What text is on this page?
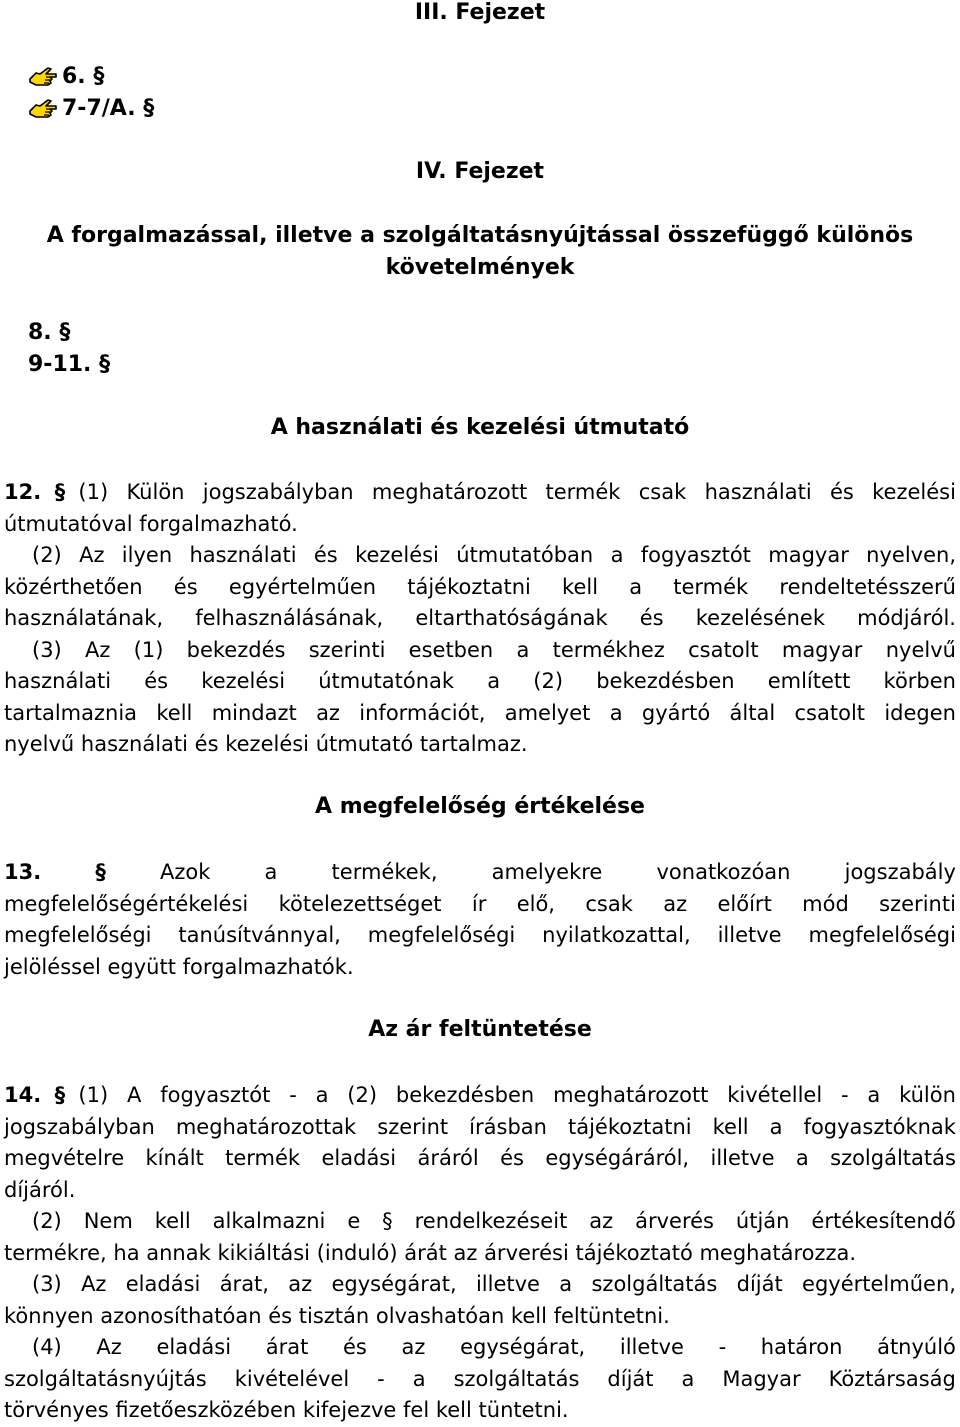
III. Fejezet
6. §
7-7/A. §
IV. Fejezet
A forgalmazással, illetve a szolgáltatásnyújtással összefüggő különös
követelmények
8. §
9-11. §
A használati és kezelési útmutató
12. § (1) Külön jogszabályban meghatározott termék csak használati és kezelési
útmutatóval forgalmazható.
(2) Az ilyen használati és kezelési útmutatóban a fogyasztót magyar nyelven,
közérthetően és egyértelműen tájékoztatni kell a termék rendeltetésszerű
használatának, felhasználásának, eltarthatóságának és kezelésének módjáról.
(3) Az (1) bekezdés szerinti esetben a termékhez csatolt magyar nyelvű
használati és kezelési útmutatónak a (2) bekezdésben említett körben
tartalmaznia kell mindazt az információt, amelyet a gyártó által csatolt idegen
nyelvű használati és kezelési útmutató tartalmaz.
A megfelelőség értékelése
13.	§	Azok	a	termékek,	amelyekre	vonatkozóan	jogszabály
megfelelőségértékelési kötelezettséget ír elő, csak az előírt mód szerinti
megfelelőségi tanúsítvánnyal, megfelelőségi nyilatkozattal, illetve megfelelőségi
jelöléssel együtt forgalmazhatók.
Az ár feltüntetése
14. § (1) A fogyasztót - a (2) bekezdésben meghatározott kivétellel - a külön
jogszabályban meghatározottak szerint írásban tájékoztatni kell a fogyasztóknak
megvételre kínált termék eladási áráról és egységáráról, illetve a szolgáltatás
díjáról.
(2) Nem kell alkalmazni e § rendelkezéseit az árverés útján értékesítendő
termékre, ha annak kikiáltási (induló) árát az árverési tájékoztató meghatározza.
(3) Az eladási árat, az egységárat, illetve a szolgáltatás díját egyértelműen,
könnyen azonosíthatóan és tisztán olvashatóan kell feltüntetni.
(4) Az eladási árat és az egységárat, illetve - határon átnyúló
szolgáltatásnyújtás kivételével - a szolgáltatás díját a Magyar Köztársaság
törvényes fizetőeszközében kifejezve fel kell tüntetni.
